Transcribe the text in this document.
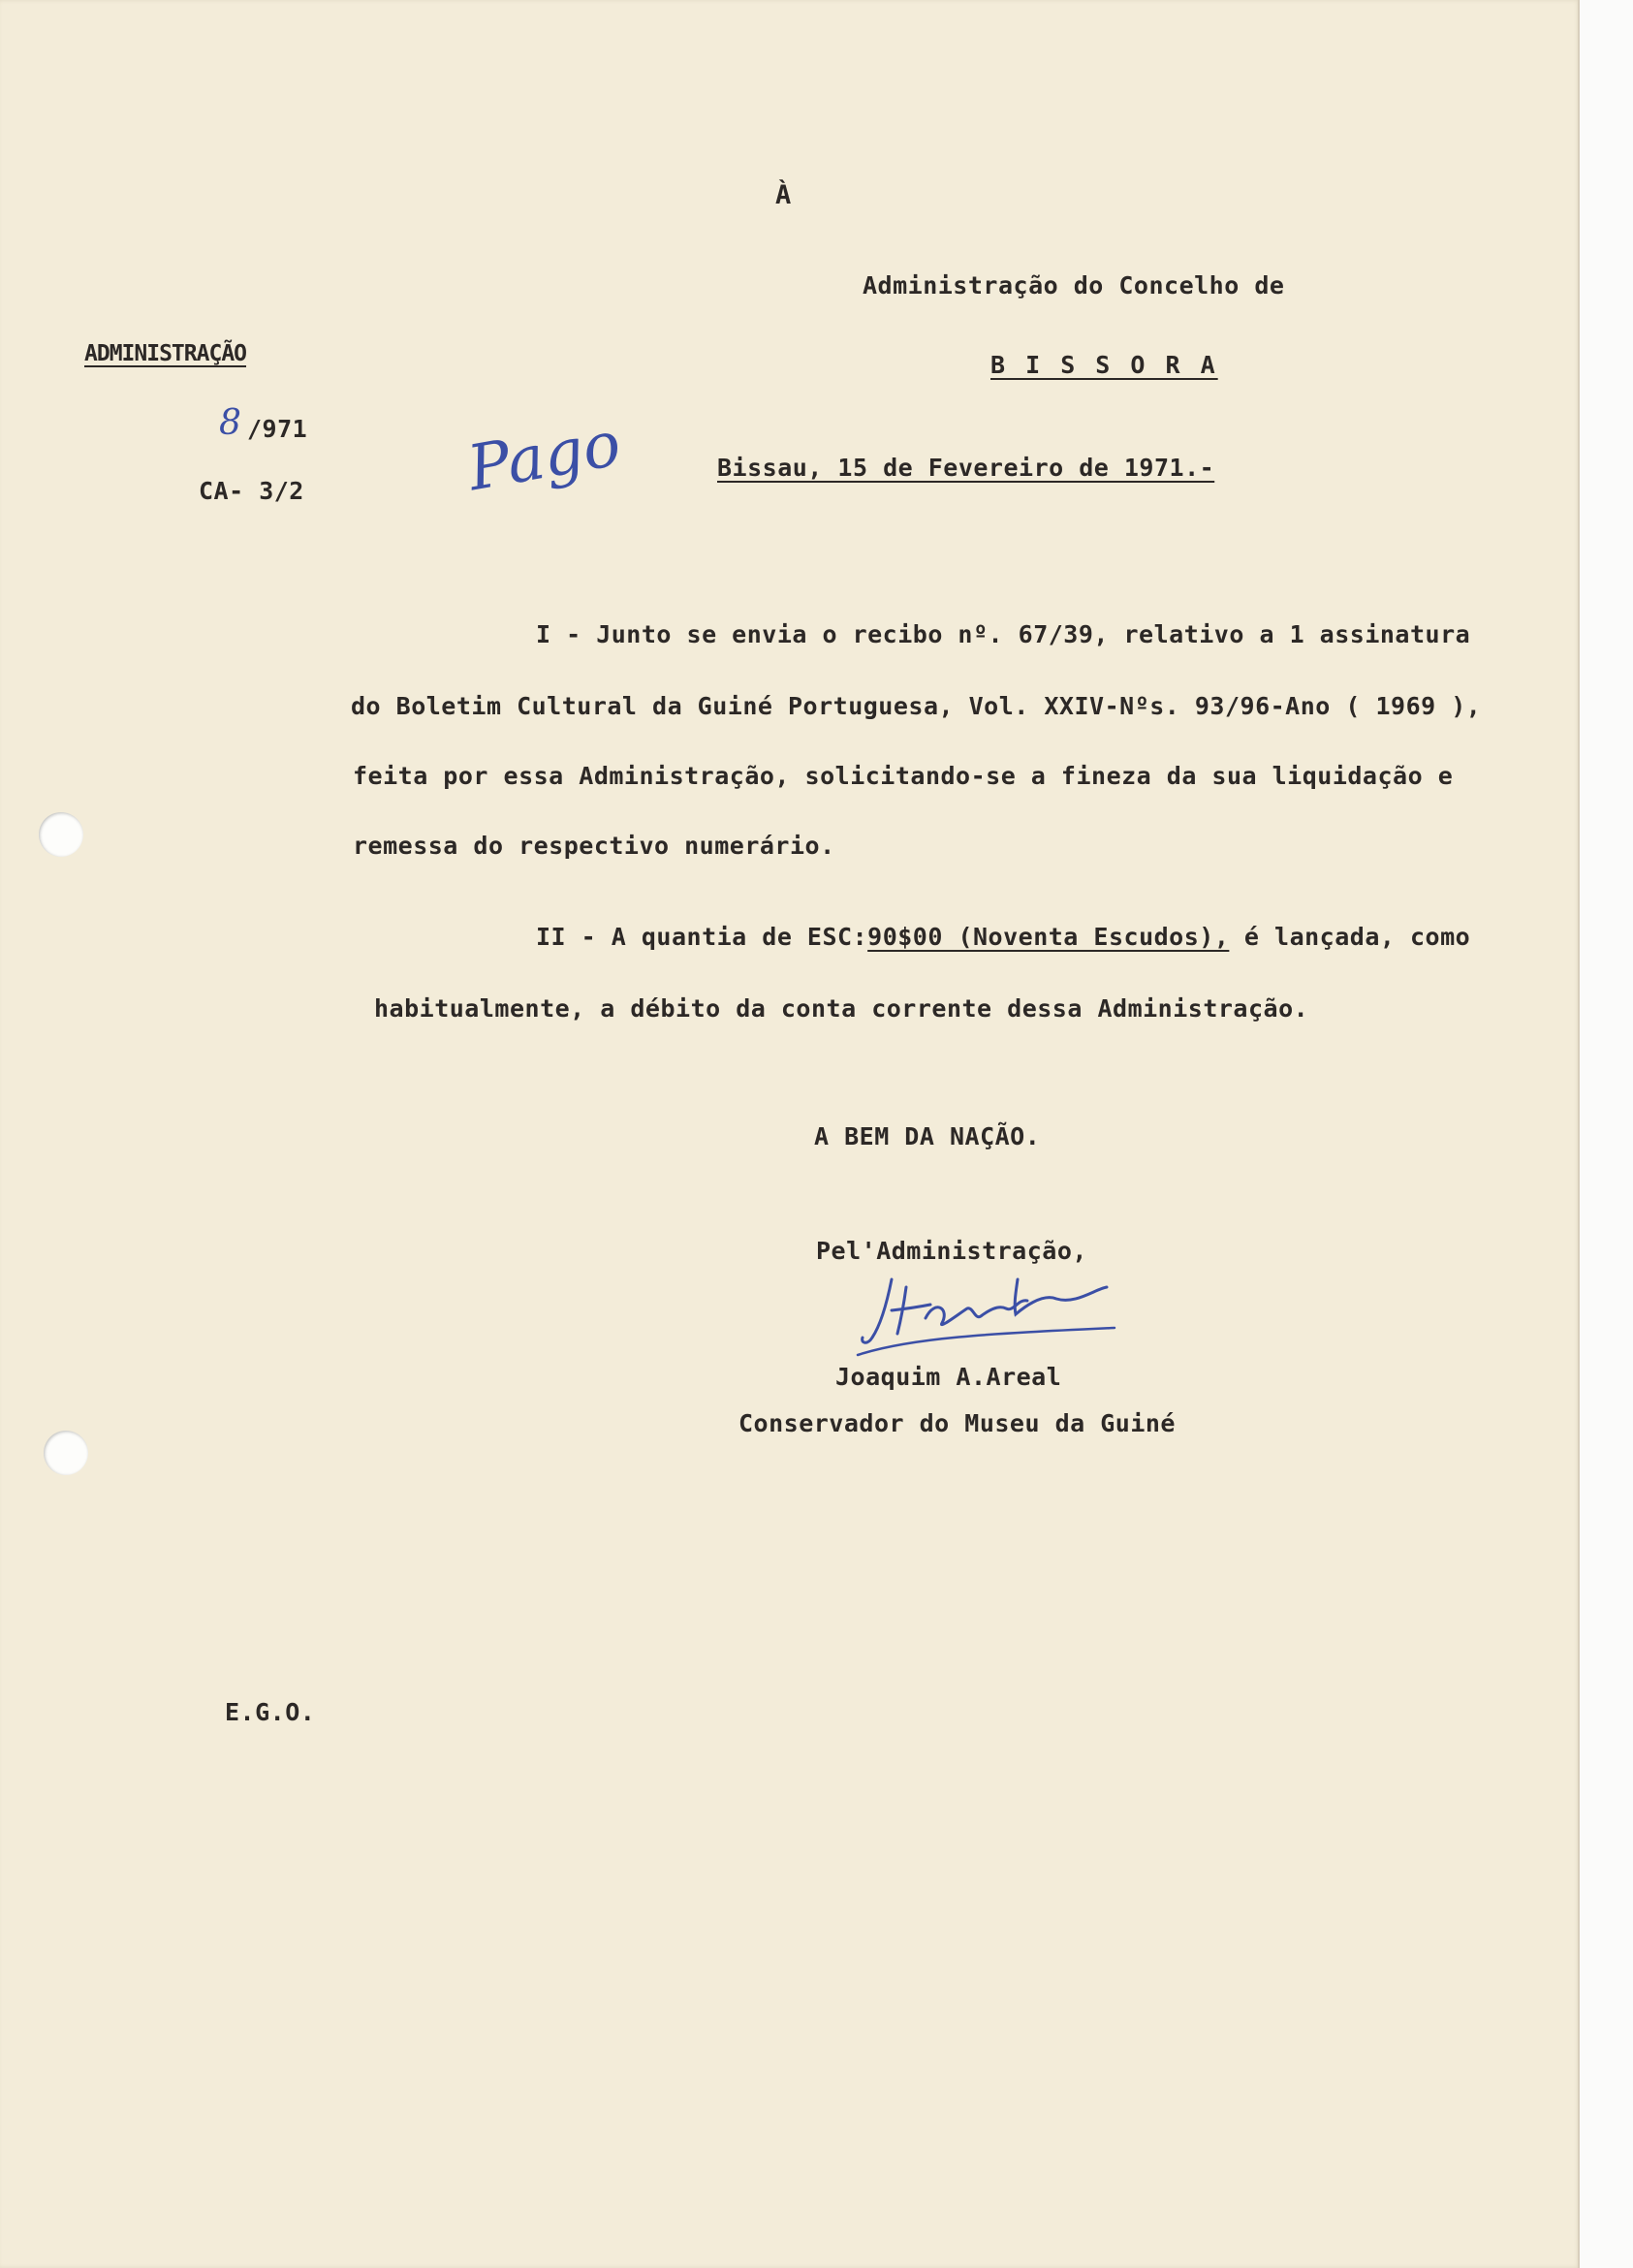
À
Administração do Concelho de
B I S S O R A
ADMINISTRAÇÃO
8 /971
CA- 3/2	Pago	Bissau, 15 de Fevereiro de 1971.-
I - Junto se envia o recibo nº. 67/39, relativo a 1 assinatura
do Boletim Cultural da Guiné Portuguesa, Vol. XXIV-Nºs. 93/96-Ano ( 1969 ),
feita por essa Administração, solicitando-se a fineza da sua liquidação e
remessa do respectivo numerário.
II - A quantia de ESC:90$00 (Noventa Escudos), é lançada, como
habitualmente, a débito da conta corrente dessa Administração.
A BEM DA NAÇÃO.
Pel'Administração,
Joaquim A.Areal
Conservador do Museu da Guiné
E.G.O.
